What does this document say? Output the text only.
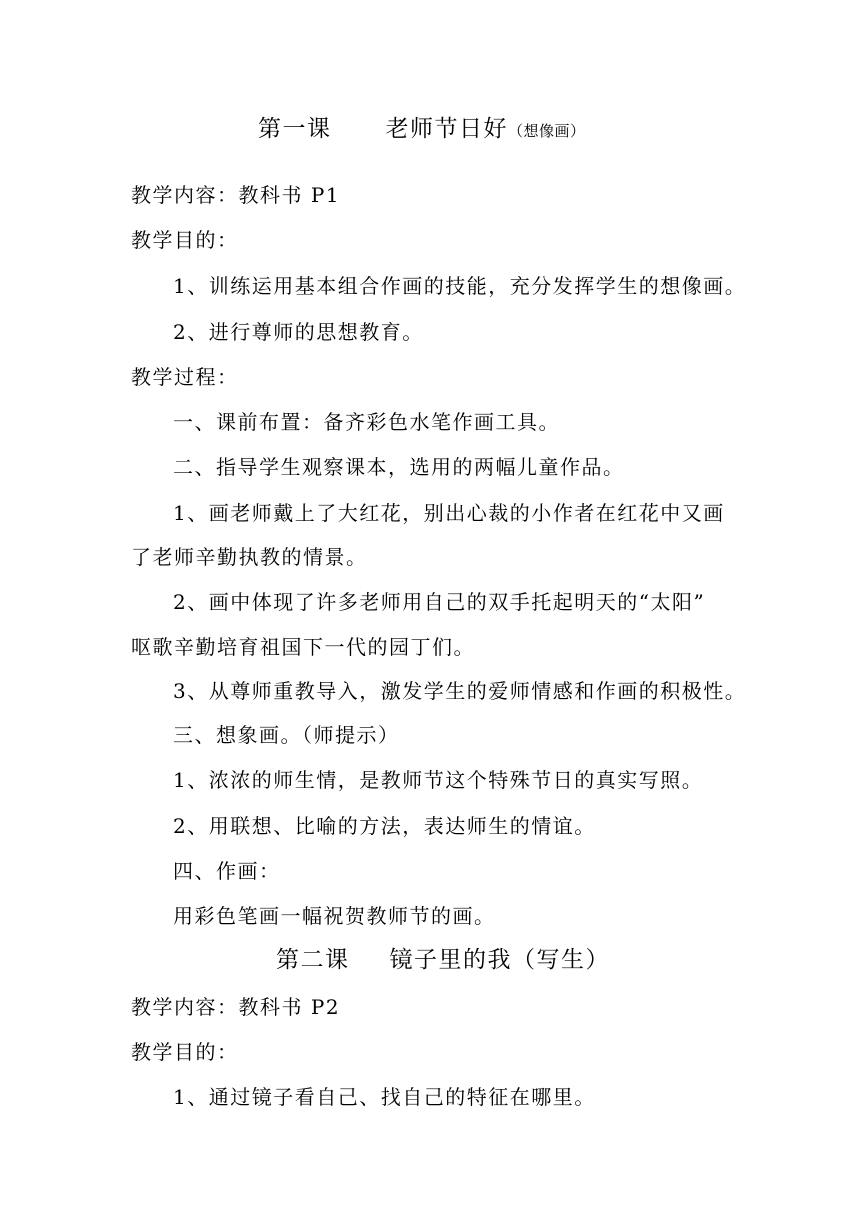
第一课 老师节日好（想像画）
教学内容：教科书 P1
教学目的：
1、训练运用基本组合作画的技能，充分发挥学生的想像画。
2、进行尊师的思想教育。
教学过程：
一、课前布置：备齐彩色水笔作画工具。
二、指导学生观察课本，选用的两幅儿童作品。
1、画老师戴上了大红花，别出心裁的小作者在红花中又画
了老师辛勤执教的情景。
2、画中体现了许多老师用自己的双手托起明天的“太阳”
呕歌辛勤培育祖国下一代的园丁们。
3、从尊师重教导入，激发学生的爱师情感和作画的积极性。
三、想象画。（师提示）
1、浓浓的师生情，是教师节这个特殊节日的真实写照。
2、用联想、比喻的方法，表达师生的情谊。
四、作画：
用彩色笔画一幅祝贺教师节的画。
第二课 镜子里的我（写生）
教学内容：教科书 P2
教学目的：
1、通过镜子看自己、找自己的特征在哪里。
